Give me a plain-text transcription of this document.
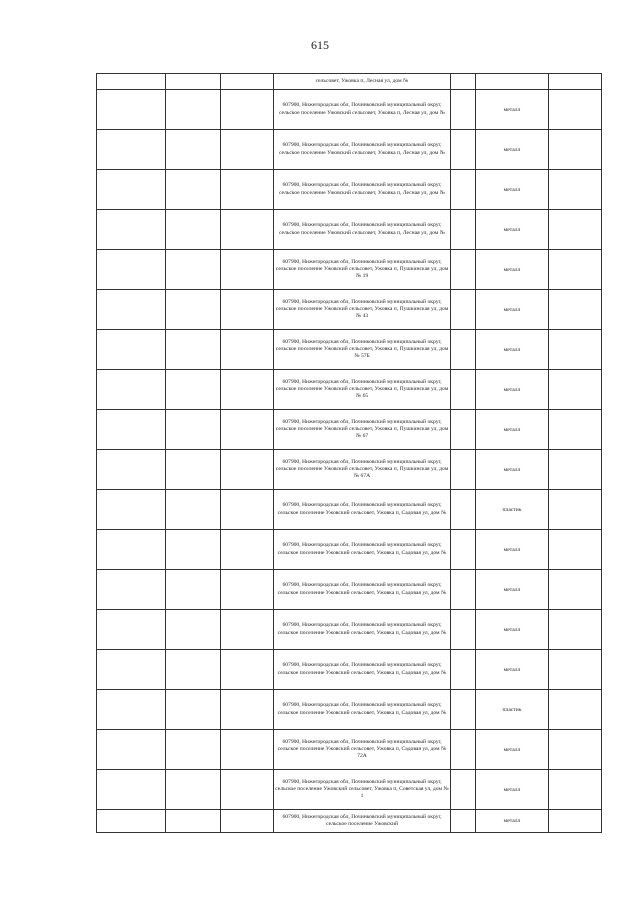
615
			сельсовет, Ужовка п, Лесная ул, дом №			
			607900, Нижегородская обл, Починковский муниципальный округ, сельское поселение Ужовский сельсовет, Ужовка п, Лесная ул, дом №		металл	
			607900, Нижегородская обл, Починковский муниципальный округ, сельское поселение Ужовский сельсовет, Ужовка п, Лесная ул, дом №		металл	
			607900, Нижегородская обл, Починковский муниципальный округ, сельское поселение Ужовский сельсовет, Ужовка п, Лесная ул, дом №		металл	
			607900, Нижегородская обл, Починковский муниципальный округ, сельское поселение Ужовский сельсовет, Ужовка п, Лесная ул, дом №		металл	
			607900, Нижегородская обл, Починковский муниципальный округ, сельское поселение Ужовский сельсовет, Ужовка п, Пушкинская ул, дом № 19		металл	
			607900, Нижегородская обл, Починковский муниципальный округ, сельское поселение Ужовский сельсовет, Ужовка п, Пушкинская ул, дом № 43		металл	
			607900, Нижегородская обл, Починковский муниципальный округ, сельское поселение Ужовский сельсовет, Ужовка п, Пушкинская ул, дом № 57Б		металл	
			607900, Нижегородская обл, Починковский муниципальный округ, сельское поселение Ужовский сельсовет, Ужовка п, Пушкинская ул, дом № 65		металл	
			607900, Нижегородская обл, Починковский муниципальный округ, сельское поселение Ужовский сельсовет, Ужовка п, Пушкинская ул, дом № 67		металл	
			607900, Нижегородская обл, Починковский муниципальный округ, сельское поселение Ужовский сельсовет, Ужовка п, Пушкинская ул, дом № 67А		металл	
			607900, Нижегородская обл, Починковский муниципальный округ, сельское поселение Ужовский сельсовет, Ужовка п, Садовая ул, дом №		пластик	
			607900, Нижегородская обл, Починковский муниципальный округ, сельское поселение Ужовский сельсовет, Ужовка п, Садовая ул, дом №		металл	
			607900, Нижегородская обл, Починковский муниципальный округ, сельское поселение Ужовский сельсовет, Ужовка п, Садовая ул, дом №		металл	
			607900, Нижегородская обл, Починковский муниципальный округ, сельское поселение Ужовский сельсовет, Ужовка п, Садовая ул, дом №		металл	
			607900, Нижегородская обл, Починковский муниципальный округ, сельское поселение Ужовский сельсовет, Ужовка п, Садовая ул, дом №		металл	
			607900, Нижегородская обл, Починковский муниципальный округ, сельское поселение Ужовский сельсовет, Ужовка п, Садовая ул, дом №		пластик	
			607900, Нижегородская обл, Починковский муниципальный округ, сельское поселение Ужовский сельсовет, Ужовка п, Садовая ул, дом № 72А		металл	
			607900, Нижегородская обл, Починковский муниципальный округ, сельское поселение Ужовский сельсовет, Ужовка п, Советская ул, дом № 1		металл	
			607900, Нижегородская обл, Починковский муниципальный округ, сельское поселение Ужовский		металл	
